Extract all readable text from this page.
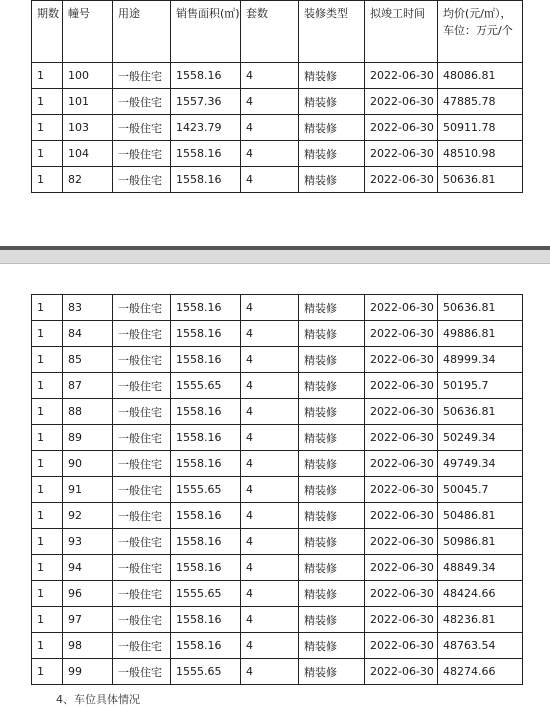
期数	幢号	用途	销售面积(㎡)	套数	装修类型	拟竣工时间	均价(元/㎡），车位：万元/个
1	100	一般住宅	1558.16	4	精装修	2022-06-30	48086.81
1	101	一般住宅	1557.36	4	精装修	2022-06-30	47885.78
1	103	一般住宅	1423.79	4	精装修	2022-06-30	50911.78
1	104	一般住宅	1558.16	4	精装修	2022-06-30	48510.98
1	82	一般住宅	1558.16	4	精装修	2022-06-30	50636.81
1	83	一般住宅	1558.16	4	精装修	2022-06-30	50636.81
1	84	一般住宅	1558.16	4	精装修	2022-06-30	49886.81
1	85	一般住宅	1558.16	4	精装修	2022-06-30	48999.34
1	87	一般住宅	1555.65	4	精装修	2022-06-30	50195.7
1	88	一般住宅	1558.16	4	精装修	2022-06-30	50636.81
1	89	一般住宅	1558.16	4	精装修	2022-06-30	50249.34
1	90	一般住宅	1558.16	4	精装修	2022-06-30	49749.34
1	91	一般住宅	1555.65	4	精装修	2022-06-30	50045.7
1	92	一般住宅	1558.16	4	精装修	2022-06-30	50486.81
1	93	一般住宅	1558.16	4	精装修	2022-06-30	50986.81
1	94	一般住宅	1558.16	4	精装修	2022-06-30	48849.34
1	96	一般住宅	1555.65	4	精装修	2022-06-30	48424.66
1	97	一般住宅	1558.16	4	精装修	2022-06-30	48236.81
1	98	一般住宅	1558.16	4	精装修	2022-06-30	48763.54
1	99	一般住宅	1555.65	4	精装修	2022-06-30	48274.66
4、车位具体情况
